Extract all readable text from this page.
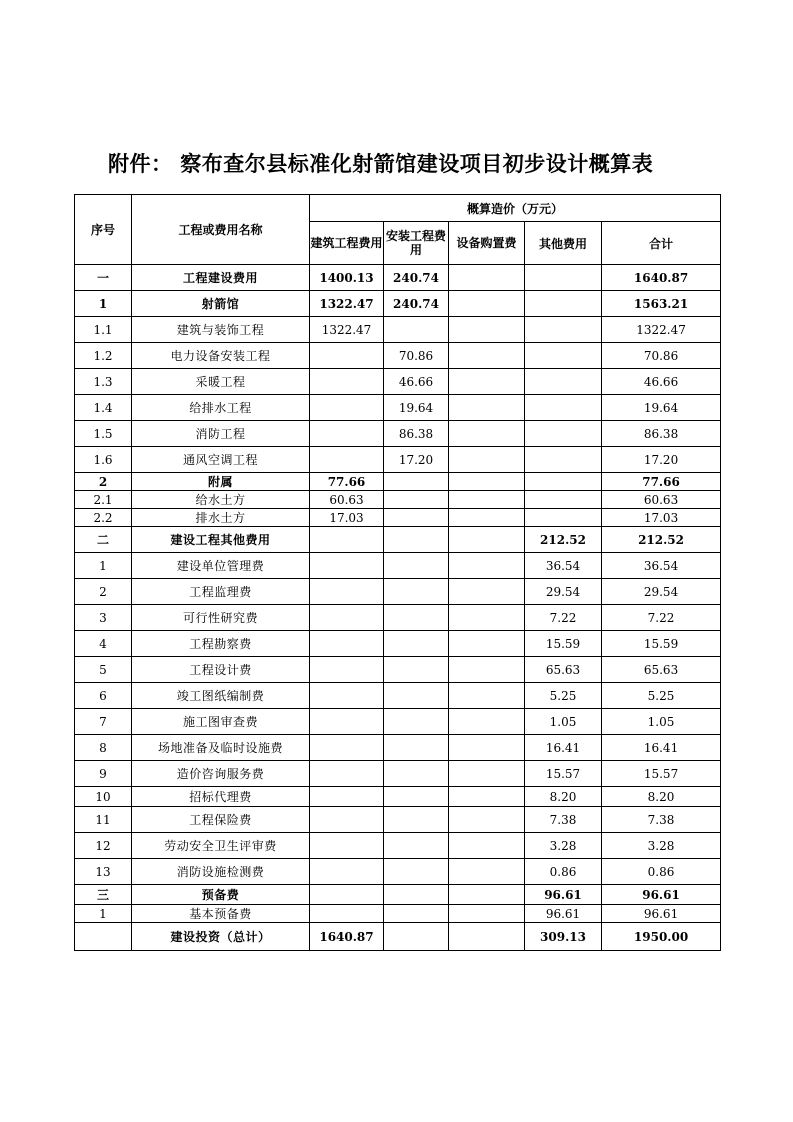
附件： 察布查尔县标准化射箭馆建设项目初步设计概算表
序号	工程或费用名称	概算造价（万元）				
		建筑工程费用	安装工程费用	设备购置费	其他费用	合计
一	工程建设费用	1400.13	240.74			1640.87
1	射箭馆	1322.47	240.74			1563.21
1.1	建筑与装饰工程	1322.47				1322.47
1.2	电力设备安装工程		70.86			70.86
1.3	采暖工程		46.66			46.66
1.4	给排水工程		19.64			19.64
1.5	消防工程		86.38			86.38
1.6	通风空调工程		17.20			17.20
2	附属	77.66				77.66
2.1	给水土方	60.63				60.63
2.2	排水土方	17.03				17.03
二	建设工程其他费用				212.52	212.52
1	建设单位管理费				36.54	36.54
2	工程监理费				29.54	29.54
3	可行性研究费				7.22	7.22
4	工程勘察费				15.59	15.59
5	工程设计费				65.63	65.63
6	竣工图纸编制费				5.25	5.25
7	施工图审查费				1.05	1.05
8	场地准备及临时设施费				16.41	16.41
9	造价咨询服务费				15.57	15.57
10	招标代理费				8.20	8.20
11	工程保险费				7.38	7.38
12	劳动安全卫生评审费				3.28	3.28
13	消防设施检测费				0.86	0.86
三	预备费				96.61	96.61
1	基本预备费				96.61	96.61
	建设投资（总计）	1640.87			309.13	1950.00
